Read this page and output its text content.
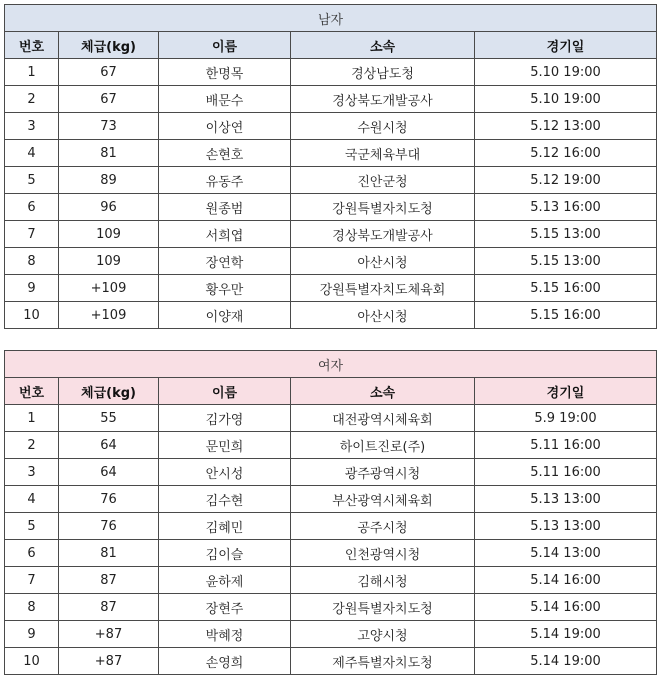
남자				
번호	체급(kg)	이름	소속	경기일
1	67	한명목	경상남도청	5.10 19:00
2	67	배문수	경상북도개발공사	5.10 19:00
3	73	이상연	수원시청	5.12 13:00
4	81	손현호	국군체육부대	5.12 16:00
5	89	유동주	진안군청	5.12 19:00
6	96	원종범	강원특별자치도청	5.13 16:00
7	109	서희엽	경상북도개발공사	5.15 13:00
8	109	장연학	아산시청	5.15 13:00
9	+109	황우만	강원특별자치도체육회	5.15 16:00
10	+109	이양재	아산시청	5.15 16:00
여자				
번호	체급(kg)	이름	소속	경기일
1	55	김가영	대전광역시체육회	5.9 19:00
2	64	문민희	하이트진로(주)	5.11 16:00
3	64	안시성	광주광역시청	5.11 16:00
4	76	김수현	부산광역시체육회	5.13 13:00
5	76	김혜민	공주시청	5.13 13:00
6	81	김이슬	인천광역시청	5.14 13:00
7	87	윤하제	김해시청	5.14 16:00
8	87	장현주	강원특별자치도청	5.14 16:00
9	+87	박혜정	고양시청	5.14 19:00
10	+87	손영희	제주특별자치도청	5.14 19:00
